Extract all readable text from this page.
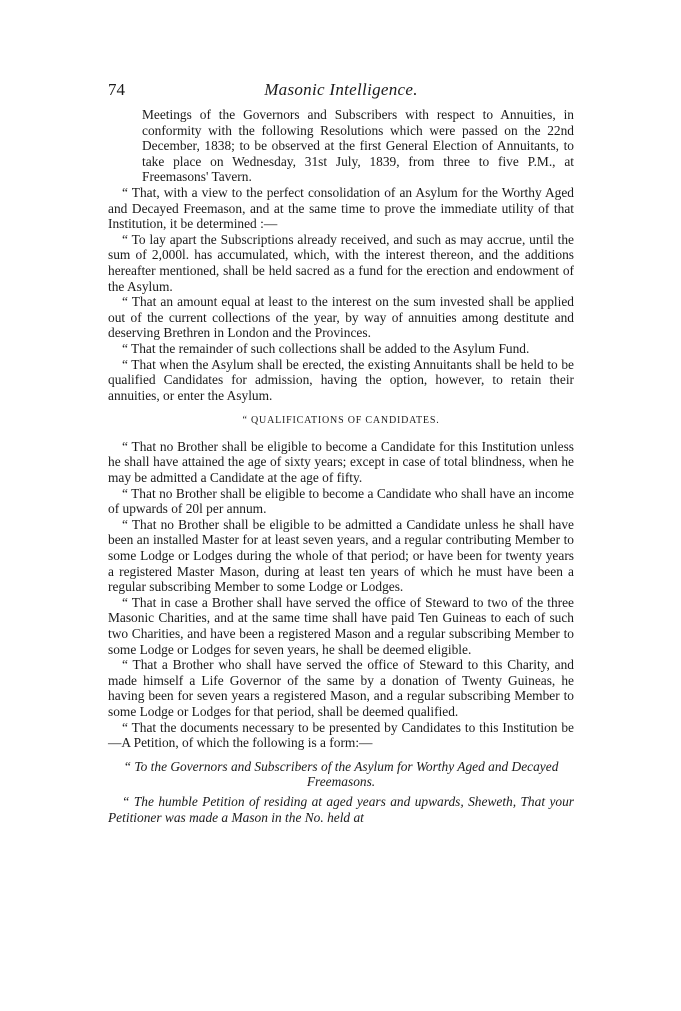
74	Masonic Intelligence.

Meetings of the Governors and Subscribers with respect to Annuities, in conformity with the following Resolutions which were passed on the 22nd December, 1838; to be observed at the first General Election of Annuitants, to take place on Wednesday, 31st July, 1839, from three to five P.M., at Freemasons' Tavern.

“ That, with a view to the perfect consolidation of an Asylum for the Worthy Aged and Decayed Freemason, and at the same time to prove the immediate utility of that Institution, it be determined :—

“ To lay apart the Subscriptions already received, and such as may accrue, until the sum of 2,000l. has accumulated, which, with the interest thereon, and the additions hereafter mentioned, shall be held sacred as a fund for the erection and endowment of the Asylum.

“ That an amount equal at least to the interest on the sum invested shall be applied out of the current collections of the year, by way of annuities among destitute and deserving Brethren in London and the Provinces.

“ That the remainder of such collections shall be added to the Asylum Fund.

“ That when the Asylum shall be erected, the existing Annuitants shall be held to be qualified Candidates for admission, having the option, however, to retain their annuities, or enter the Asylum.

“ QUALIFICATIONS OF CANDIDATES.

“ That no Brother shall be eligible to become a Candidate for this Institution unless he shall have attained the age of sixty years; except in case of total blindness, when he may be admitted a Candidate at the age of fifty.

“ That no Brother shall be eligible to become a Candidate who shall have an income of upwards of 20l per annum.

“ That no Brother shall be eligible to be admitted a Candidate unless he shall have been an installed Master for at least seven years, and a regular contributing Member to some Lodge or Lodges during the whole of that period; or have been for twenty years a registered Master Mason, during at least ten years of which he must have been a regular subscribing Member to some Lodge or Lodges.

“ That in case a Brother shall have served the office of Steward to two of the three Masonic Charities, and at the same time shall have paid Ten Guineas to each of such two Charities, and have been a registered Mason and a regular subscribing Member to some Lodge or Lodges for seven years, he shall be deemed eligible.

“ That a Brother who shall have served the office of Steward to this Charity, and made himself a Life Governor of the same by a donation of Twenty Guineas, he having been for seven years a registered Mason, and a regular subscribing Member to some Lodge or Lodges for that period, shall be deemed qualified.

“ That the documents necessary to be presented by Candidates to this Institution be—A Petition, of which the following is a form:—

“ To the Governors and Subscribers of the Asylum for Worthy Aged and Decayed Freemasons.

“ The humble Petition of residing at aged years and upwards, Sheweth, That your Petitioner was made a Mason in the No. held at
